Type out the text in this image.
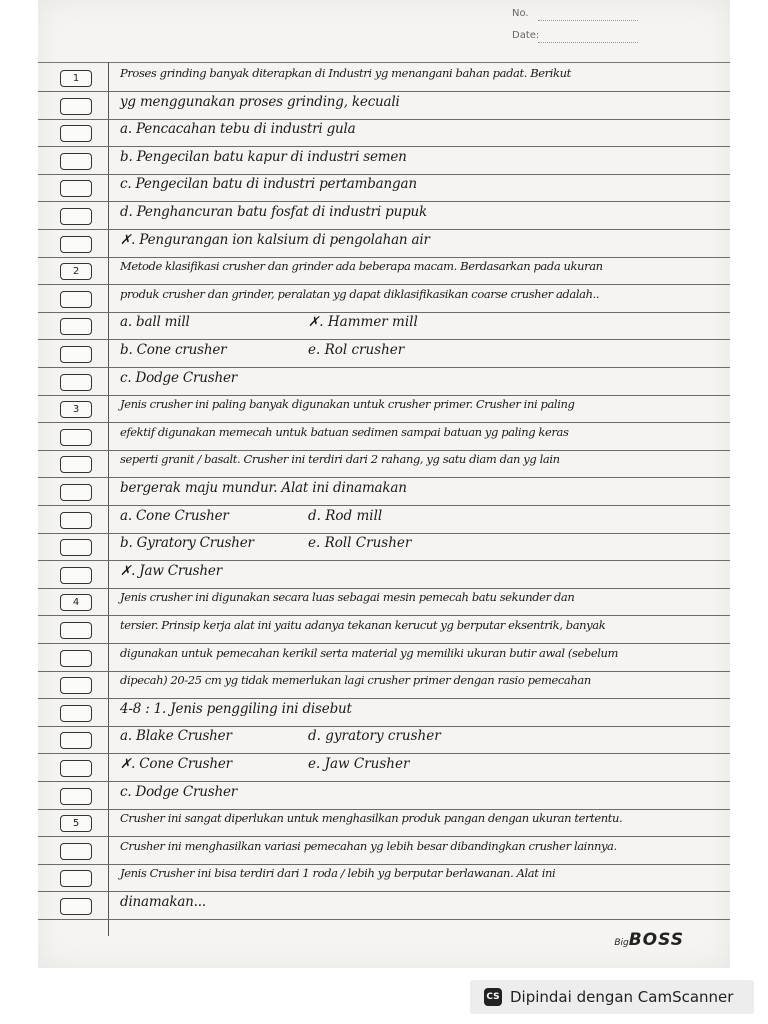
No.
Date:
1	Proses grinding banyak diterapkan di Industri yg menangani bahan padat. Berikut
yg menggunakan proses grinding, kecuali
a. Pencacahan tebu di industri gula
b. Pengecilan batu kapur di industri semen
c. Pengecilan batu di industri pertambangan
d. Penghancuran batu fosfat di industri pupuk
✗. Pengurangan ion kalsium di pengolahan air
2	Metode klasifikasi crusher dan grinder ada beberapa macam. Berdasarkan pada ukuran
produk crusher dan grinder, peralatan yg dapat diklasifikasikan coarse crusher adalah..
a. ball mill	✗. Hammer mill
b. Cone crusher	e. Rol crusher
c. Dodge Crusher
3	Jenis crusher ini paling banyak digunakan untuk crusher primer. Crusher ini paling
efektif digunakan memecah untuk batuan sedimen sampai batuan yg paling keras
seperti granit / basalt. Crusher ini terdiri dari 2 rahang, yg satu diam dan yg lain
bergerak maju mundur. Alat ini dinamakan
a. Cone Crusher	d. Rod mill
b. Gyratory Crusher	e. Roll Crusher
✗. Jaw Crusher
4	Jenis crusher ini digunakan secara luas sebagai mesin pemecah batu sekunder dan
tersier. Prinsip kerja alat ini yaitu adanya tekanan kerucut yg berputar eksentrik, banyak
digunakan untuk pemecahan kerikil serta material yg memiliki ukuran butir awal (sebelum
dipecah) 20-25 cm yg tidak memerlukan lagi crusher primer dengan rasio pemecahan
4-8 : 1. Jenis penggiling ini disebut
a. Blake Crusher	d. gyratory crusher
✗. Cone Crusher	e. Jaw Crusher
c. Dodge Crusher
5	Crusher ini sangat diperlukan untuk menghasilkan produk pangan dengan ukuran tertentu.
Crusher ini menghasilkan variasi pemecahan yg lebih besar dibandingkan crusher lainnya.
Jenis Crusher ini bisa terdiri dari 1 roda / lebih yg berputar berlawanan. Alat ini
dinamakan...
BigBOSS
CS Dipindai dengan CamScanner
